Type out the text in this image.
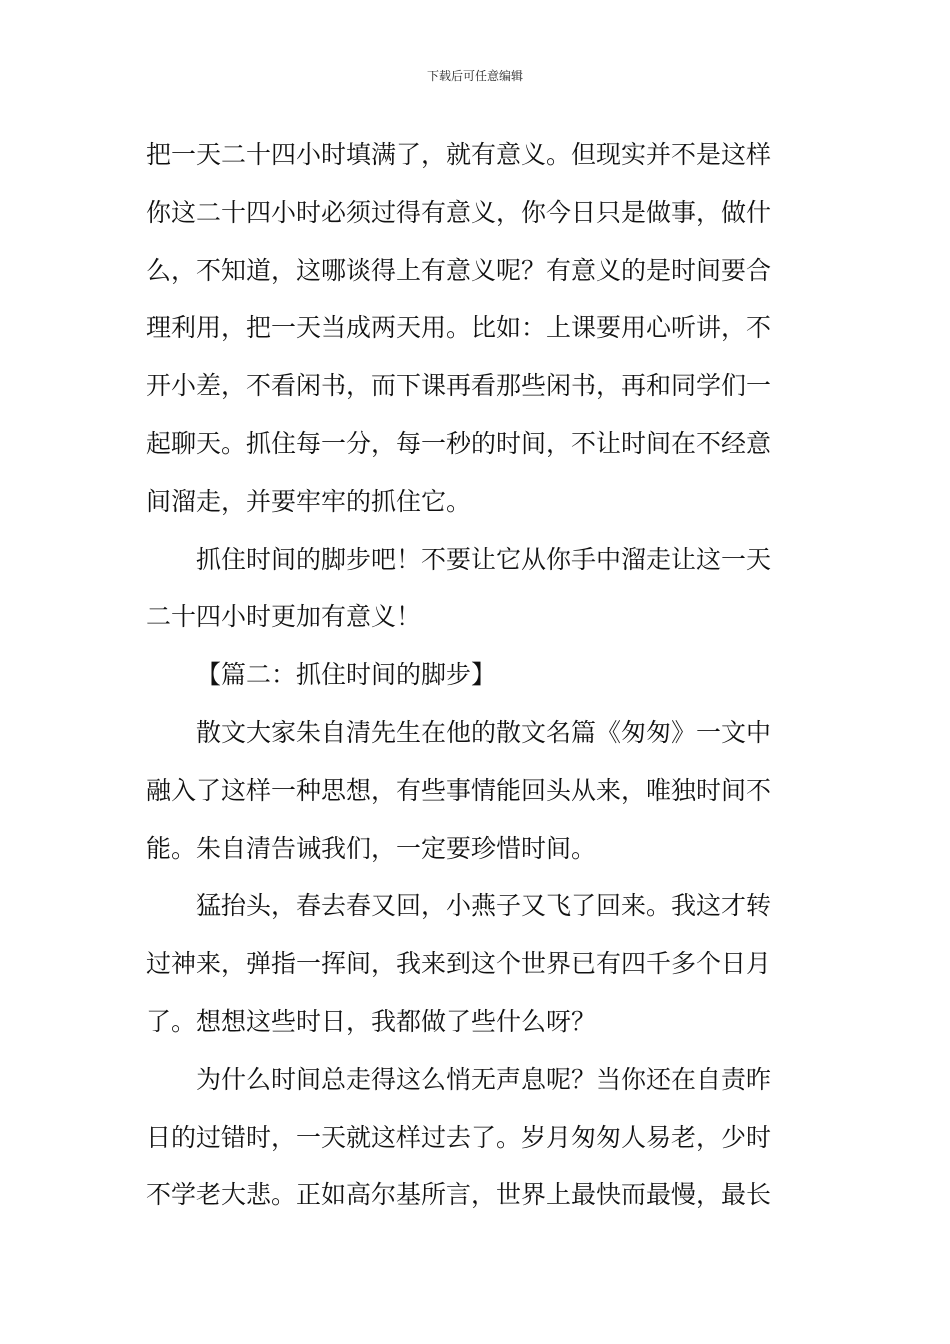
下载后可任意编辑
把一天二十四小时填满了，就有意义。但现实并不是这样
你这二十四小时必须过得有意义，你今日只是做事，做什
么，不知道，这哪谈得上有意义呢？有意义的是时间要合
理利用，把一天当成两天用。比如：上课要用心听讲，不
开小差，不看闲书，而下课再看那些闲书，再和同学们一
起聊天。抓住每一分，每一秒的时间，不让时间在不经意
间溜走，并要牢牢的抓住它。
抓住时间的脚步吧！不要让它从你手中溜走让这一天
二十四小时更加有意义！
【篇二：抓住时间的脚步】
散文大家朱自清先生在他的散文名篇《匆匆》一文中
融入了这样一种思想，有些事情能回头从来，唯独时间不
能。朱自清告诫我们，一定要珍惜时间。
猛抬头，春去春又回，小燕子又飞了回来。我这才转
过神来，弹指一挥间，我来到这个世界已有四千多个日月
了。想想这些时日，我都做了些什么呀？
为什么时间总走得这么悄无声息呢？当你还在自责昨
日的过错时，一天就这样过去了。岁月匆匆人易老，少时
不学老大悲。正如高尔基所言，世界上最快而最慢，最长
